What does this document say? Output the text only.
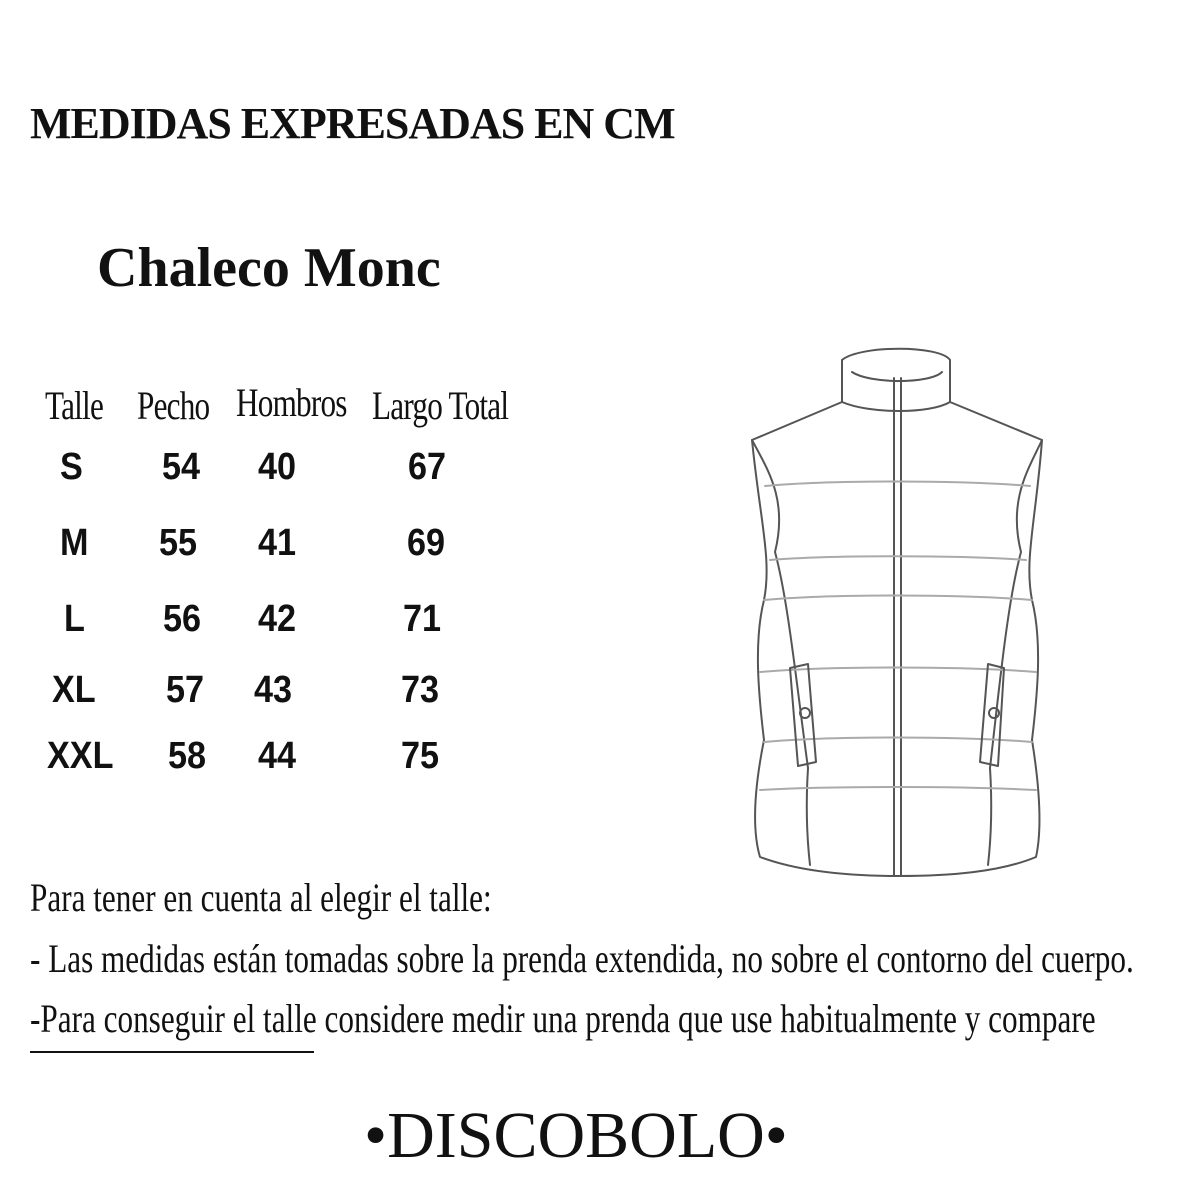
MEDIDAS EXPRESADAS EN CM
Chaleco Monc
Talle Pecho Hombros Largo Total
S 54 40	67
M 55 41	69
L 56 42	71
XL 57 43	73
XXL 58 44	75

Para tener en cuenta al elegir el talle:

- Las medidas están tomadas sobre la prenda extendida, no sobre el contorno del cuerpo.

-Para conseguir el talle considere medir una prenda que use habitualmente y compare

•DISCOBOLO•
